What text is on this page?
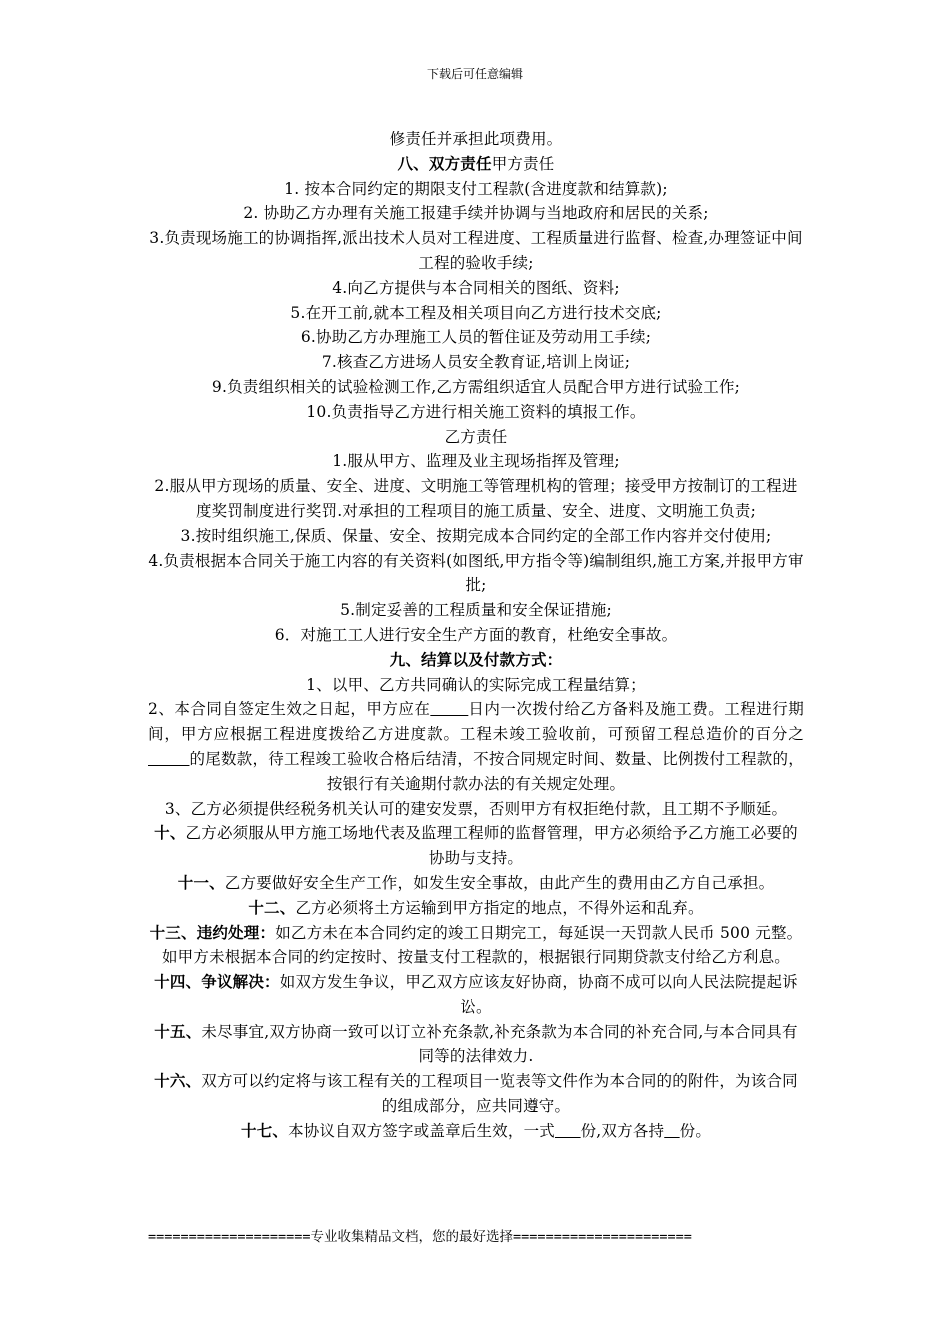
下载后可任意编辑

修责任并承担此项费用。

八、双方责任甲方责任

1. 按本合同约定的期限支付工程款(含进度款和结算款);

2. 协助乙方办理有关施工报建手续并协调与当地政府和居民的关系;

3.负责现场施工的协调指挥,派出技术人员对工程进度、工程质量进行监督、检查,办理签证中间工程的验收手续;

4.向乙方提供与本合同相关的图纸、资料;

5.在开工前,就本工程及相关项目向乙方进行技术交底;

6.协助乙方办理施工人员的暂住证及劳动用工手续;

7.核查乙方进场人员安全教育证,培训上岗证;

9.负责组织相关的试验检测工作,乙方需组织适宜人员配合甲方进行试验工作;

10.负责指导乙方进行相关施工资料的填报工作。

乙方责任

1.服从甲方、监理及业主现场指挥及管理;

2.服从甲方现场的质量、安全、进度、文明施工等管理机构的管理；接受甲方按制订的工程进度奖罚制度进行奖罚.对承担的工程项目的施工质量、安全、进度、文明施工负责;

3.按时组织施工,保质、保量、安全、按期完成本合同约定的全部工作内容并交付使用;

4.负责根据本合同关于施工内容的有关资料(如图纸,甲方指令等)编制组织,施工方案,并报甲方审批;

5.制定妥善的工程质量和安全保证措施;

6．对施工工人进行安全生产方面的教育，杜绝安全事故。

九、结算以及付款方式：

1、以甲、乙方共同确认的实际完成工程量结算；

2、本合同自签定生效之日起，甲方应在 日内一次拨付给乙方备料及施工费。工程进行期间，甲方应根据工程进度拨给乙方进度款。工程未竣工验收前，可预留工程总造价的百分之        的尾数款，待工程竣工验收合格后结清，不按合同规定时间、数量、比例拨付工程款的，按银行有关逾期付款办法的有关规定处理。

3、乙方必须提供经税务机关认可的建安发票，否则甲方有权拒绝付款，且工期不予顺延。

十、乙方必须服从甲方施工场地代表及监理工程师的监督管理，甲方必须给予乙方施工必要的协助与支持。

十一、乙方要做好安全生产工作，如发生安全事故，由此产生的费用由乙方自己承担。

十二、乙方必须将土方运输到甲方指定的地点，不得外运和乱弃。

十三、违约处理：如乙方未在本合同约定的竣工日期完工，每延误一天罚款人民币 500 元整。如甲方未根据本合同的约定按时、按量支付工程款的，根据银行同期贷款支付给乙方利息。

十四、争议解决：如双方发生争议，甲乙双方应该友好协商，协商不成可以向人民法院提起诉讼。

十五、未尽事宜,双方协商一致可以订立补充条款,补充条款为本合同的补充合同,与本合同具有同等的法律效力.

十六、双方可以约定将与该工程有关的工程项目一览表等文件作为本合同的的附件，为该合同的组成部分，应共同遵守。

十七、本协议自双方签字或盖章后生效，一式 份,双方各持 份。

====================专业收集精品文档，您的最好选择======================
